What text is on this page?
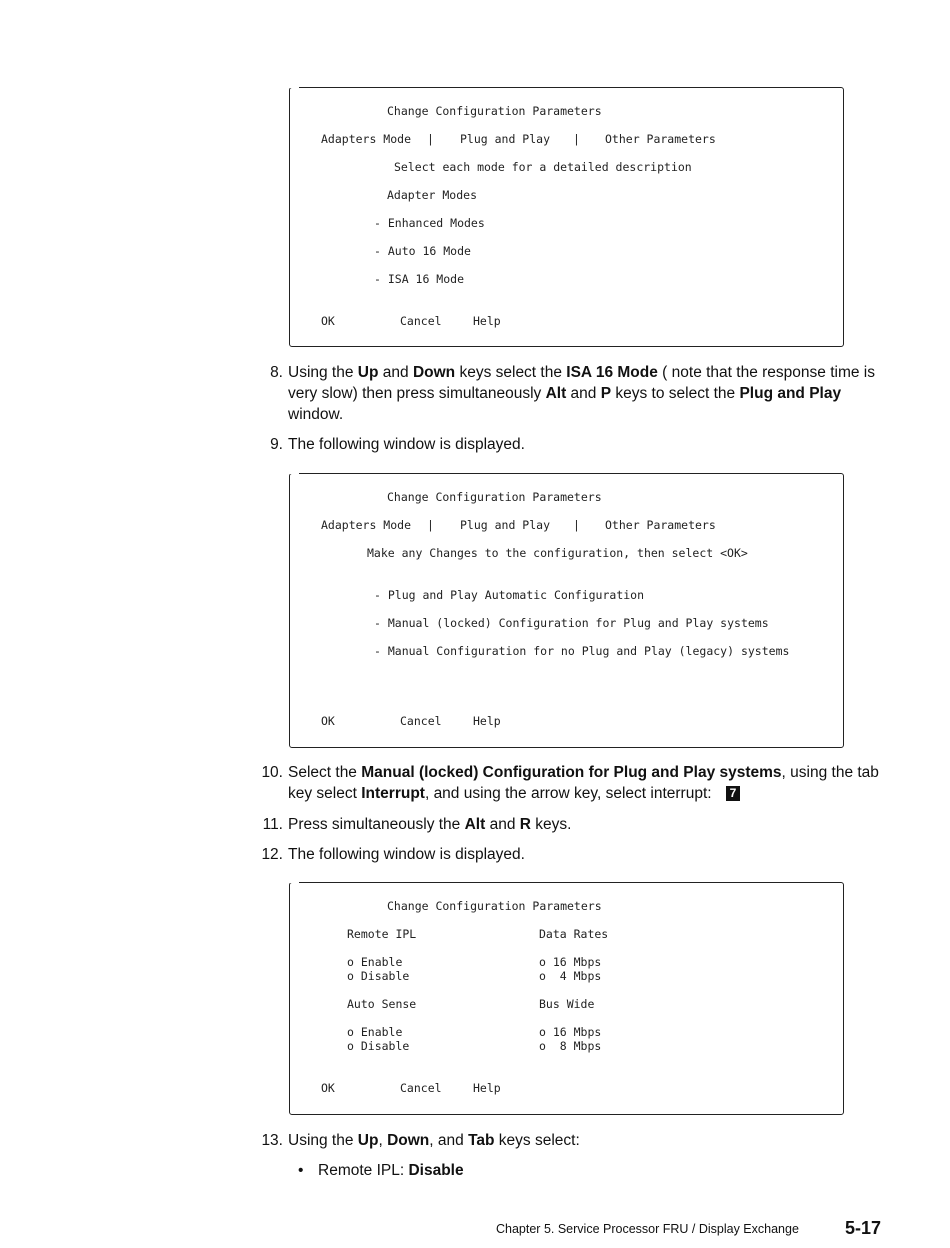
Change Configuration Parameters
Adapters Mode | Plug and Play | Other Parameters
Select each mode for a detailed description
Adapter Modes
- Enhanced Modes
- Auto 16 Mode
- ISA 16 Mode
OK	Cancel	Help
8. Using the Up and Down keys select the ISA 16 Mode ( note that the response time is very slow) then press simultaneously Alt and P keys to select the Plug and Play window.
9. The following window is displayed.
Change Configuration Parameters
Adapters Mode | Plug and Play | Other Parameters
Make any Changes to the configuration, then select <OK>
- Plug and Play Automatic Configuration
- Manual (locked) Configuration for Plug and Play systems
- Manual Configuration for no Plug and Play (legacy) systems
OK	Cancel	Help
10. Select the Manual (locked) Configuration for Plug and Play systems, using the tab key select Interrupt, and using the arrow key, select interrupt: 7
11. Press simultaneously the Alt and R keys.
12. The following window is displayed.
Change Configuration Parameters
Remote IPL	Data Rates
o Enable	o 16 Mbps
o Disable	o  4 Mbps
Auto Sense	Bus Wide
o Enable	o 16 Mbps
o Disable	o  8 Mbps
OK	Cancel	Help
13. Using the Up, Down, and Tab keys select:
• Remote IPL: Disable
Chapter 5. Service Processor FRU / Display Exchange	5-17
